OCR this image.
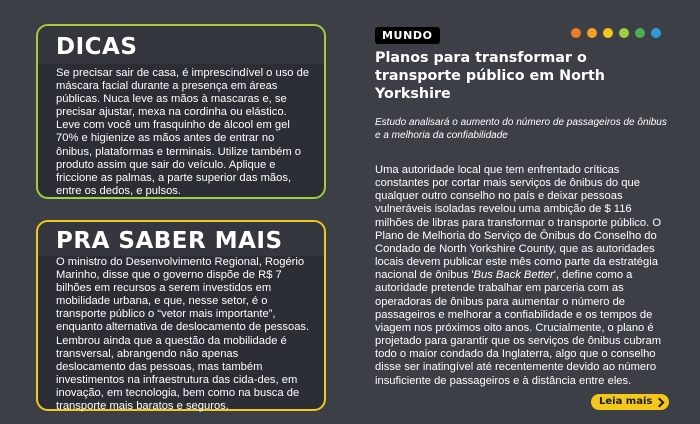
DICAS

Se precisar sair de casa, é imprescindível o uso de máscara facial durante a presença em áreas públicas. Nuca leve as mãos à mascaras e, se precisar ajustar, mexa na cordinha ou elástico. Leve com você um frasquinho de álcool em gel 70% e higienize as mãos antes de entrar no ônibus, plataformas e terminais. Utilize também o produto assim que sair do veículo. Aplique e friccione as palmas, a parte superior das mãos, entre os dedos, e pulsos.

PRA SABER MAIS

O ministro do Desenvolvimento Regional, Rogério Marinho, disse que o governo dispõe de R$ 7 bilhões em recursos a serem investidos em mobilidade urbana, e que, nesse setor, é o transporte público o “vetor mais importante”, enquanto alternativa de deslocamento de pessoas. Lembrou ainda que a questão da mobilidade é transversal, abrangendo não apenas deslocamento das pessoas, mas também investimentos na infraestrutura das cida-des, em inovação, em tecnologia, bem como na busca de transporte mais baratos e seguros.

MUNDO
Planos para transformar o transporte público em North Yorkshire

Estudo analisará o aumento do número de passageiros de ônibus e a melhoria da confiabilidade

Uma autoridade local que tem enfrentado críticas constantes por cortar mais serviços de ônibus do que qualquer outro conselho no país e deixar pessoas vulneráveis isoladas revelou uma ambição de $ 116 milhões de libras para transformar o transporte público. O Plano de Melhoria do Serviço de Ônibus do Conselho do Condado de North Yorkshire County, que as autoridades locais devem publicar este mês como parte da estratégia nacional de ônibus 'Bus Back Better', define como a autoridade pretende trabalhar em parceria com as operadoras de ônibus para aumentar o número de passageiros e melhorar a confiabilidade e os tempos de viagem nos próximos oito anos. Crucialmente, o plano é projetado para garantir que os serviços de ônibus cubram todo o maior condado da Inglaterra, algo que o conselho disse ser inatingível até recentemente devido ao número insuficiente de passageiros e à distância entre eles.

Leia mais
